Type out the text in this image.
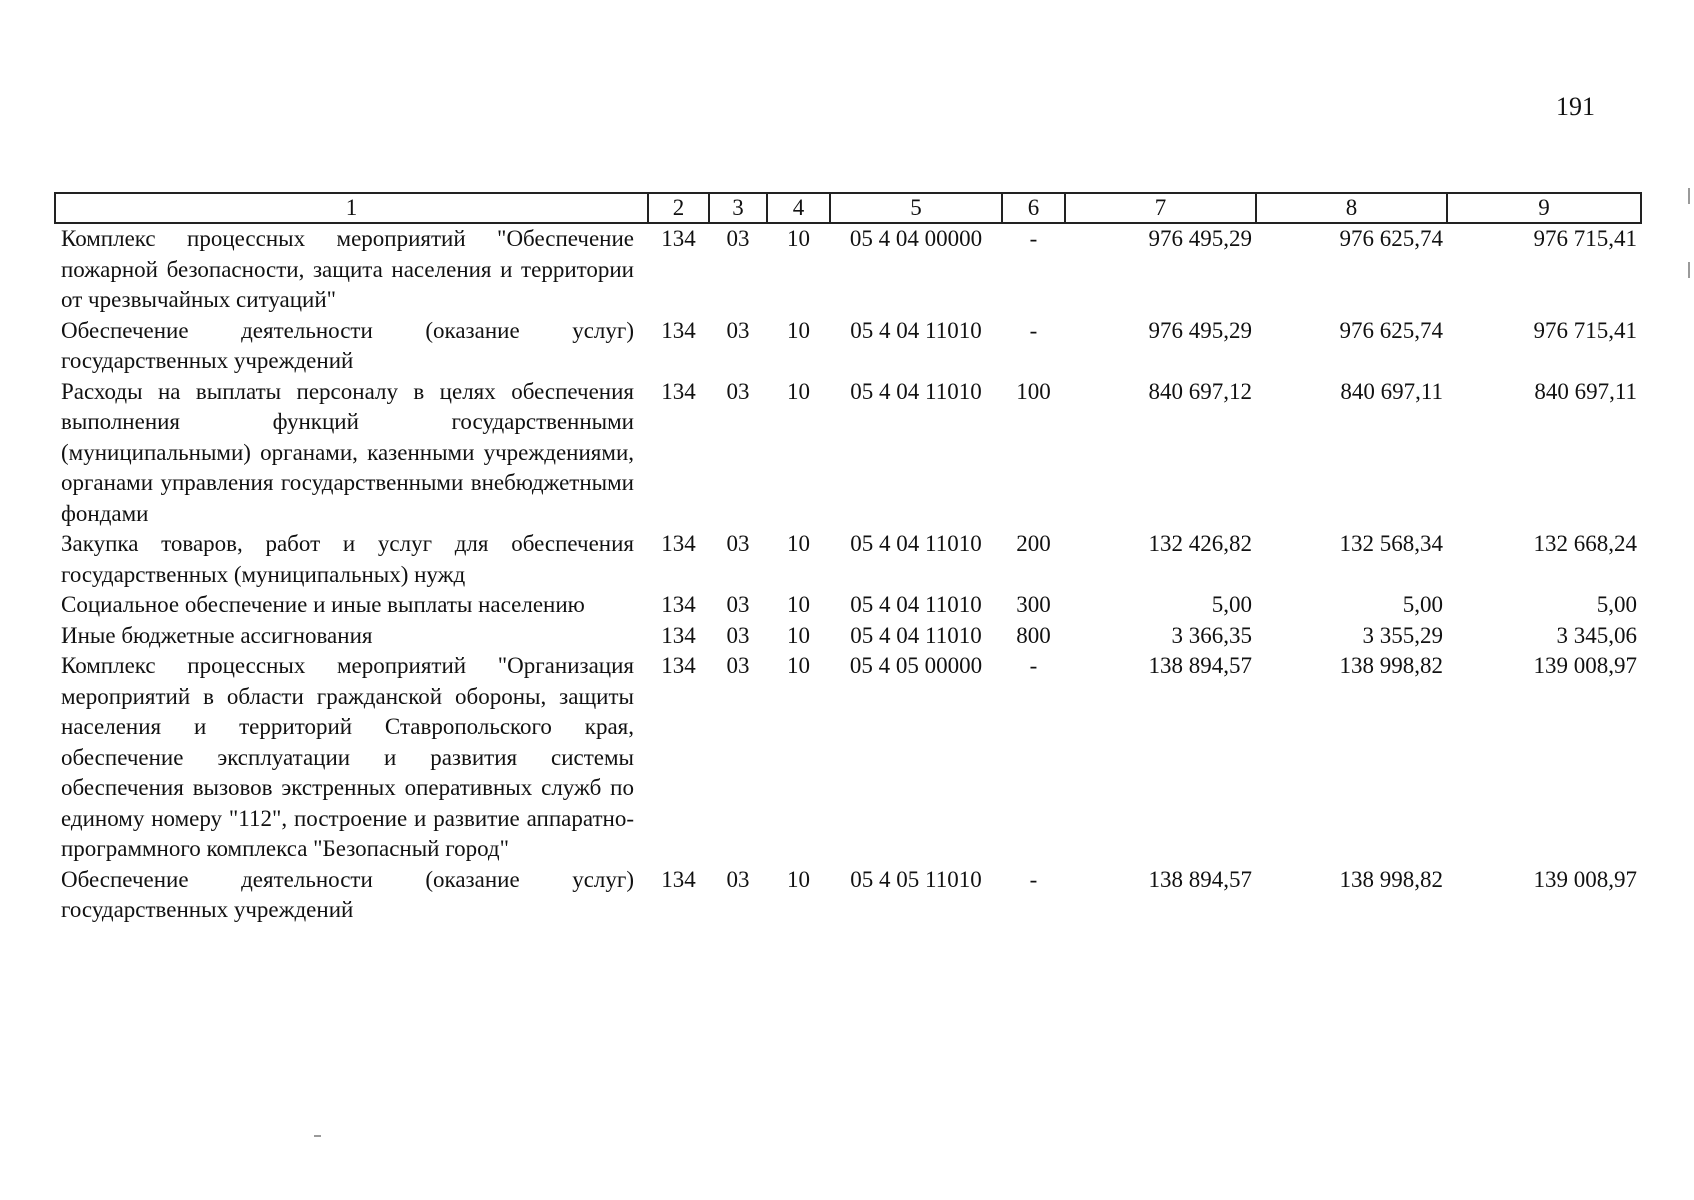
191
1	2	3	4	5	6	7	8	9
Комплекс процессных мероприятий "Обеспечение пожарной безопасности, защита населения и территории от чрезвычайных ситуаций"	134	03	10	05 4 04 00000	-	976 495,29	976 625,74	976 715,41
Обеспечение деятельности (оказание услуг) государственных учреждений	134	03	10	05 4 04 11010	-	976 495,29	976 625,74	976 715,41
Расходы на выплаты персоналу в целях обеспечения выполнения функций государственными (муниципальными) органами, казенными учреждениями, органами управления государственными внебюджетными фондами	134	03	10	05 4 04 11010	100	840 697,12	840 697,11	840 697,11
Закупка товаров, работ и услуг для обеспечения государственных (муниципальных) нужд	134	03	10	05 4 04 11010	200	132 426,82	132 568,34	132 668,24
Социальное обеспечение и иные выплаты населению	134	03	10	05 4 04 11010	300	5,00	5,00	5,00
Иные бюджетные ассигнования	134	03	10	05 4 04 11010	800	3 366,35	3 355,29	3 345,06
Комплекс процессных мероприятий "Организация мероприятий в области гражданской обороны, защиты населения и территорий Ставропольского края, обеспечение эксплуатации и развития системы обеспечения вызовов экстренных оперативных служб по единому номеру "112", построение и развитие аппаратно-программного комплекса "Безопасный город"	134	03	10	05 4 05 00000	-	138 894,57	138 998,82	139 008,97
Обеспечение деятельности (оказание услуг) государственных учреждений	134	03	10	05 4 05 11010	-	138 894,57	138 998,82	139 008,97
